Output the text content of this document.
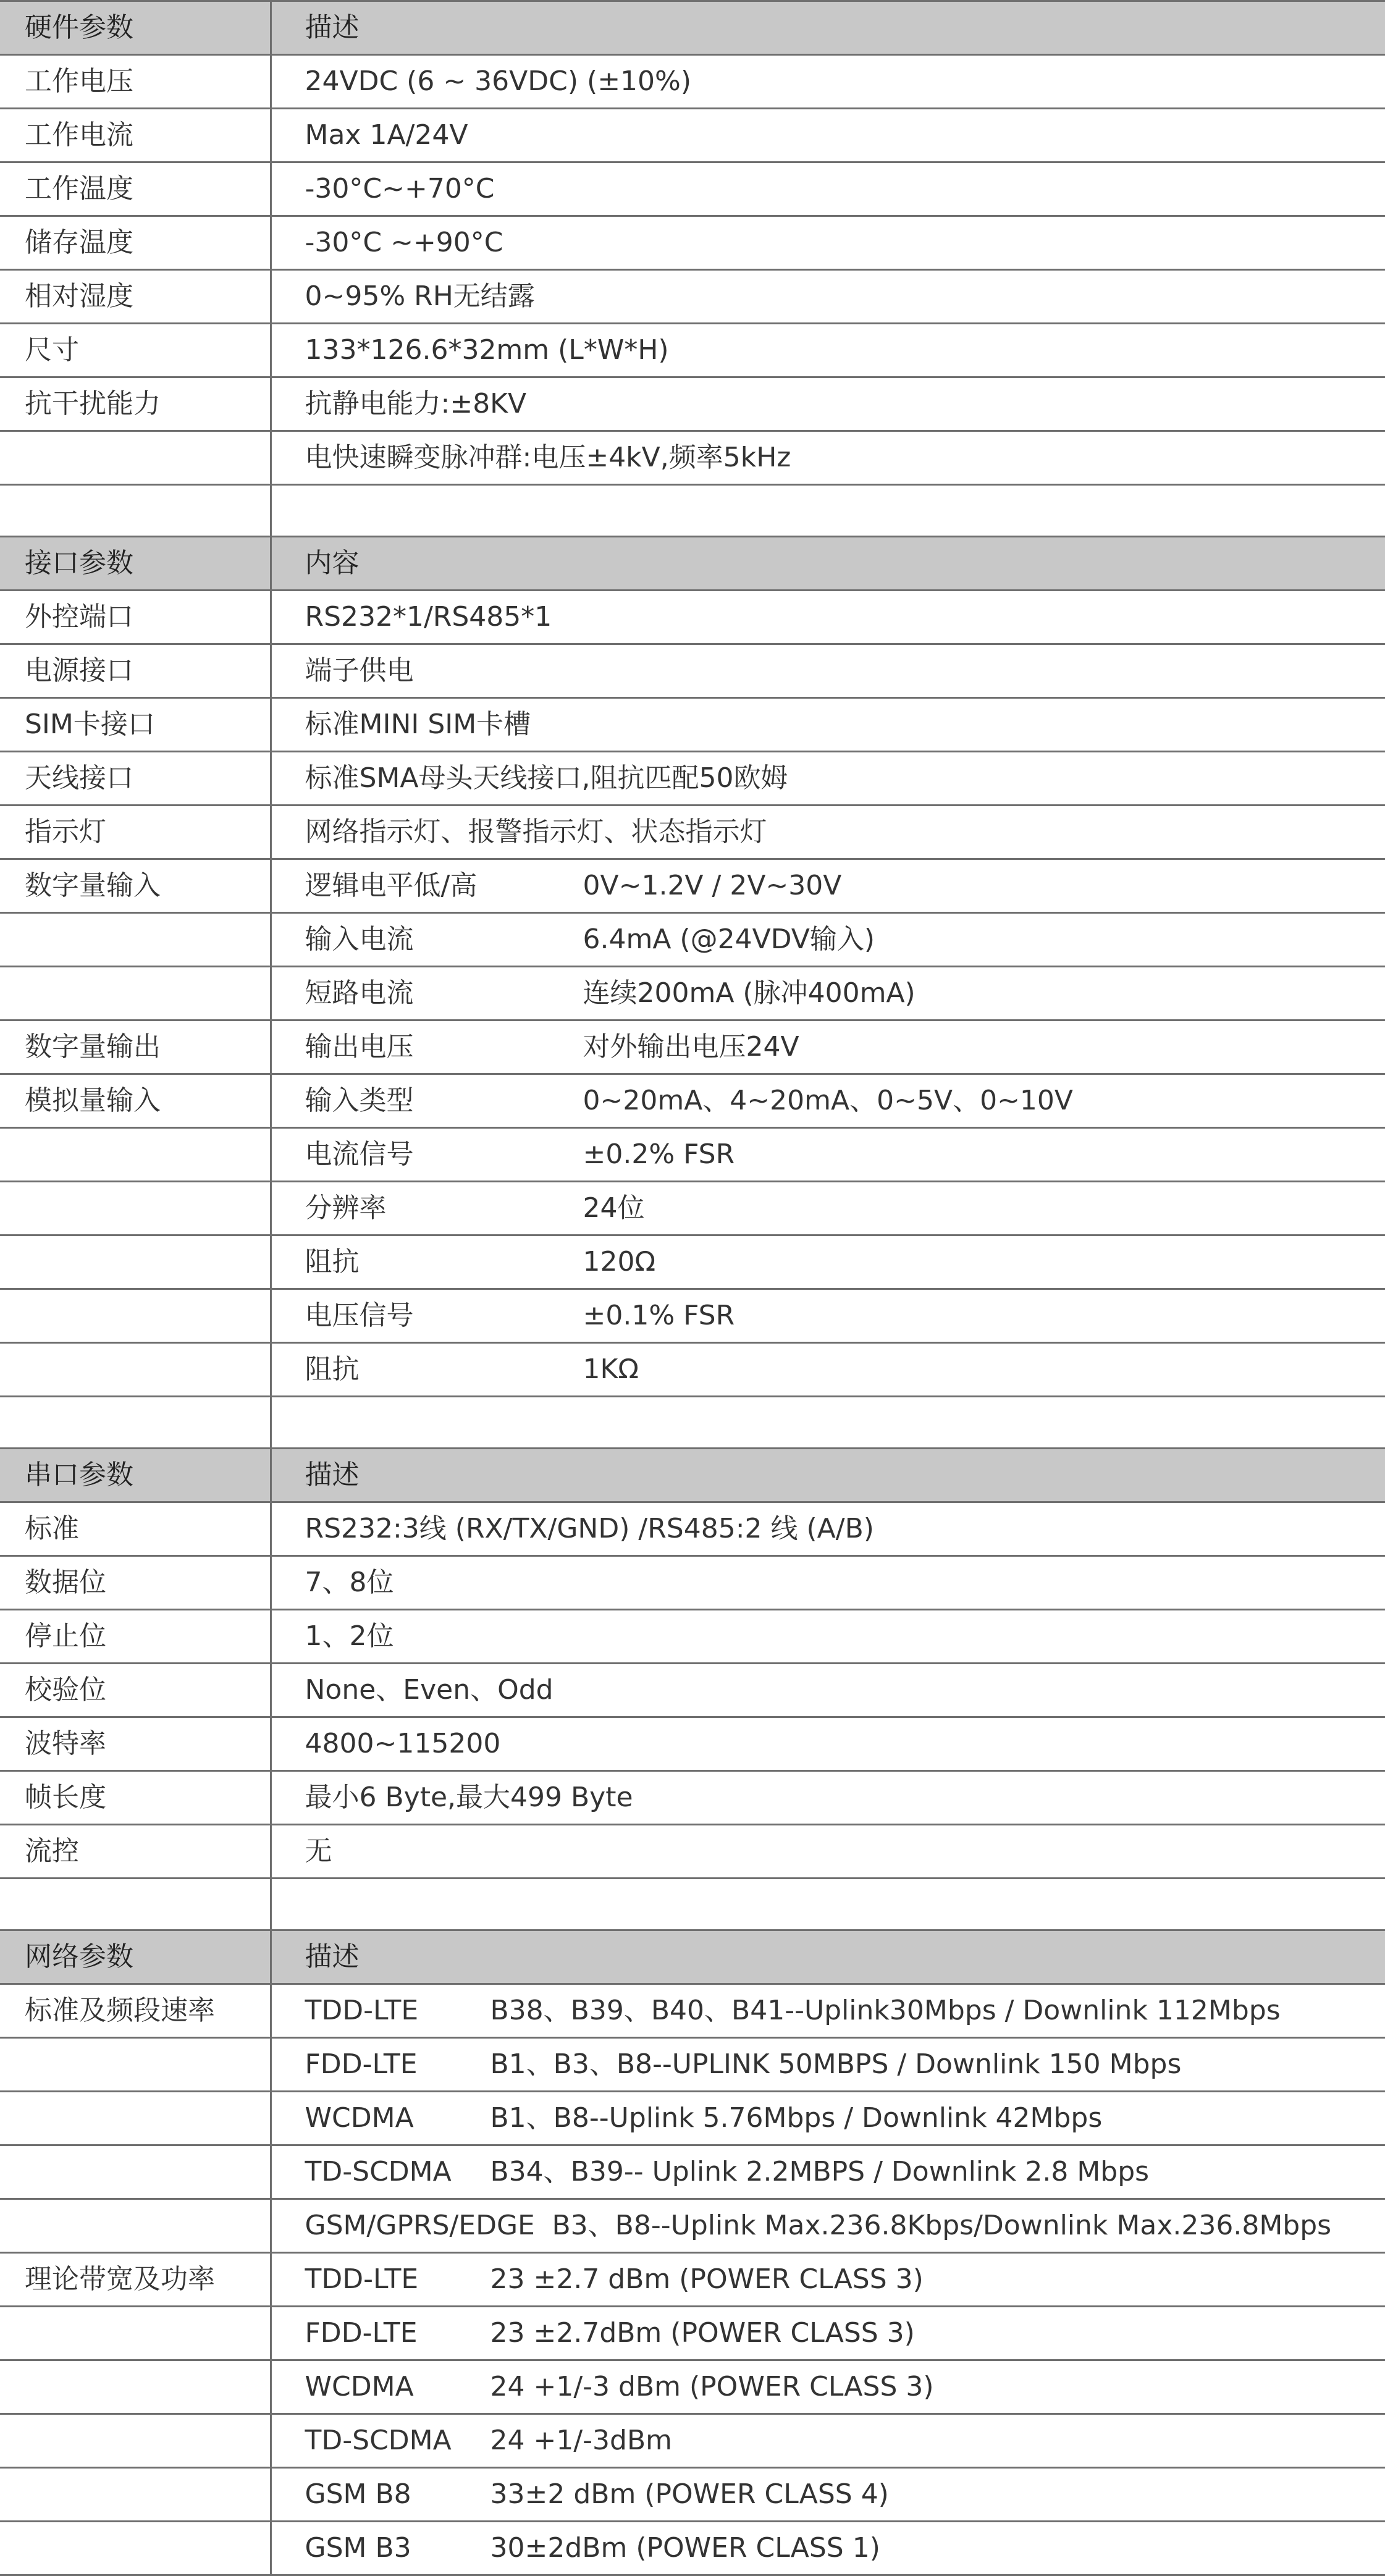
硬件参数	描述
工作电压	24VDC (6 ~ 36VDC) (±10%)
工作电流	Max 1A/24V
工作温度	-30°C~+70°C
储存温度	-30°C ~+90°C
相对湿度	0~95% RH无结露
尺寸	133*126.6*32mm (L*W*H)
抗干扰能力	抗静电能力:±8KV
	电快速瞬变脉冲群:电压±4kV,频率5kHz

接口参数	内容
外控端口	RS232*1/RS485*1
电源接口	端子供电
SIM卡接口	标准MINI SIM卡槽
天线接口	标准SMA母头天线接口,阻抗匹配50欧姆
指示灯	网络指示灯、报警指示灯、状态指示灯
数字量输入	逻辑电平低/高 0V~1.2V / 2V~30V
	输入电流 6.4mA (@24VDV输入)
	短路电流 连续200mA (脉冲400mA)
数字量输出	输出电压 对外输出电压24V
模拟量输入	输入类型 0~20mA、4~20mA、0~5V、0~10V
	电流信号 ±0.2% FSR
	分辨率 24位
	阻抗 120Ω
	电压信号 ±0.1% FSR
	阻抗 1KΩ

串口参数	描述
标准	RS232:3线 (RX/TX/GND) /RS485:2 线 (A/B)
数据位	7、8位
停止位	1、2位
校验位	None、Even、Odd
波特率	4800~115200
帧长度	最小6 Byte,最大499 Byte
流控	无

网络参数	描述
标准及频段速率	TDD-LTE B38、B39、B40、B41--Uplink30Mbps / Downlink 112Mbps
	FDD-LTE B1、B3、B8--UPLINK 50MBPS / Downlink 150 Mbps
	WCDMA B1、B8--Uplink 5.76Mbps / Downlink 42Mbps
	TD-SCDMA B34、B39-- Uplink 2.2MBPS / Downlink 2.8 Mbps
	GSM/GPRS/EDGE B3、B8--Uplink Max.236.8Kbps/Downlink Max.236.8Mbps
理论带宽及功率	TDD-LTE 23 ±2.7 dBm (POWER CLASS 3)
	FDD-LTE 23 ±2.7dBm (POWER CLASS 3)
	WCDMA 24 +1/-3 dBm (POWER CLASS 3)
	TD-SCDMA 24 +1/-3dBm
	GSM B8 33±2 dBm (POWER CLASS 4)
	GSM B3 30±2dBm (POWER CLASS 1)
